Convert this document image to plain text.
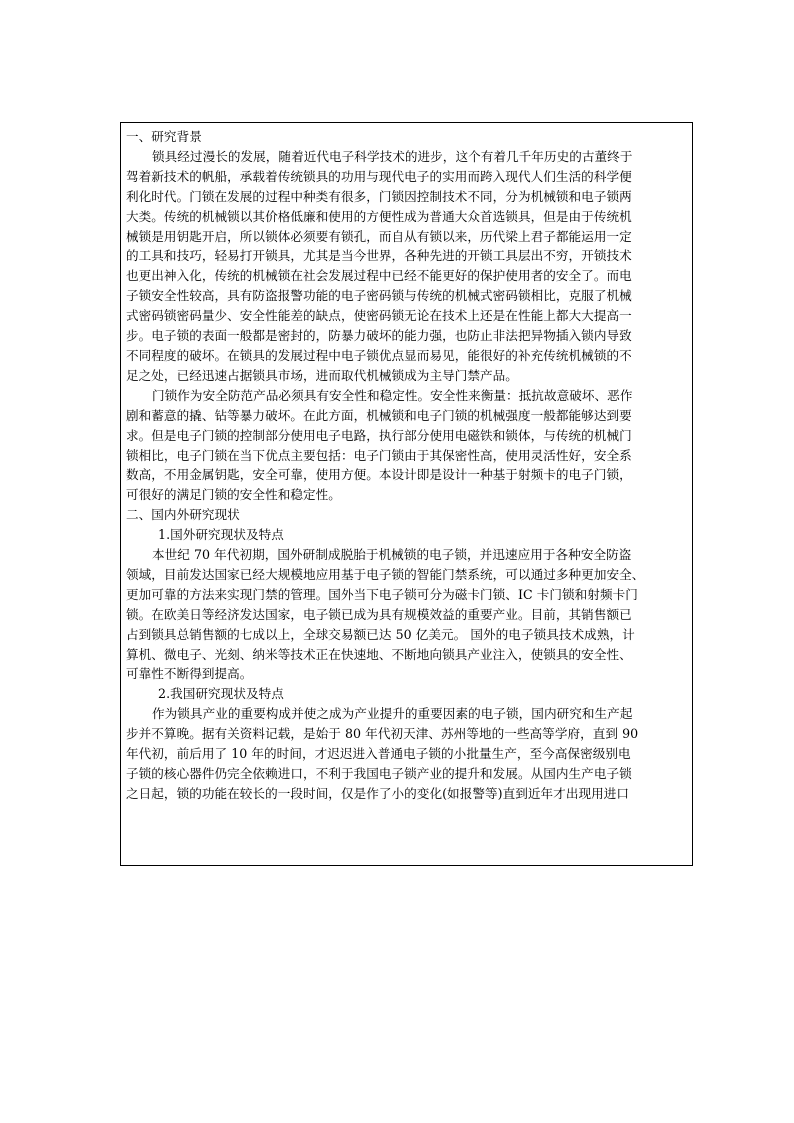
一、研究背景
锁具经过漫长的发展，随着近代电子科学技术的进步，这个有着几千年历史的古董终于
驾着新技术的帆船，承载着传统锁具的功用与现代电子的实用而跨入现代人们生活的科学便
利化时代。门锁在发展的过程中种类有很多，门锁因控制技术不同，分为机械锁和电子锁两
大类。传统的机械锁以其价格低廉和使用的方便性成为普通大众首选锁具，但是由于传统机
械锁是用钥匙开启，所以锁体必须要有锁孔，而自从有锁以来，历代梁上君子都能运用一定
的工具和技巧，轻易打开锁具，尤其是当今世界，各种先进的开锁工具层出不穷，开锁技术
也更出神入化，传统的机械锁在社会发展过程中已经不能更好的保护使用者的安全了。而电
子锁安全性较高，具有防盗报警功能的电子密码锁与传统的机械式密码锁相比，克服了机械
式密码锁密码量少、安全性能差的缺点，使密码锁无论在技术上还是在性能上都大大提高一
步。电子锁的表面一般都是密封的，防暴力破坏的能力强，也防止非法把异物插入锁内导致
不同程度的破坏。在锁具的发展过程中电子锁优点显而易见，能很好的补充传统机械锁的不
足之处，已经迅速占据锁具市场，进而取代机械锁成为主导门禁产品。
门锁作为安全防范产品必须具有安全性和稳定性。安全性来衡量：抵抗故意破坏、恶作
剧和蓄意的撬、钻等暴力破坏。在此方面，机械锁和电子门锁的机械强度一般都能够达到要
求。但是电子门锁的控制部分使用电子电路，执行部分使用电磁铁和锁体，与传统的机械门
锁相比，电子门锁在当下优点主要包括：电子门锁由于其保密性高，使用灵活性好，安全系
数高，不用金属钥匙，安全可靠，使用方便。本设计即是设计一种基于射频卡的电子门锁，
可很好的满足门锁的安全性和稳定性。
二、国内外研究现状
1.国外研究现状及特点
本世纪 70 年代初期，国外研制成脱胎于机械锁的电子锁，并迅速应用于各种安全防盗
领域，目前发达国家已经大规模地应用基于电子锁的智能门禁系统，可以通过多种更加安全、
更加可靠的方法来实现门禁的管理。国外当下电子锁可分为磁卡门锁、IC 卡门锁和射频卡门
锁。在欧美日等经济发达国家，电子锁已成为具有规模效益的重要产业。目前，其销售额已
占到锁具总销售额的七成以上，全球交易额已达 50 亿美元。 国外的电子锁具技术成熟，计
算机、微电子、光刻、纳米等技术正在快速地、不断地向锁具产业注入，使锁具的安全性、
可靠性不断得到提高。
2.我国研究现状及特点
作为锁具产业的重要构成并使之成为产业提升的重要因素的电子锁，国内研究和生产起
步并不算晚。据有关资料记载，是始于 80 年代初天津、苏州等地的一些高等学府，直到 90
年代初，前后用了 10 年的时间，才迟迟进入普通电子锁的小批量生产，至今高保密级别电
子锁的核心器件仍完全依赖进口，不利于我国电子锁产业的提升和发展。从国内生产电子锁
之日起，锁的功能在较长的一段时间，仅是作了小的变化(如报警等)直到近年才出现用进口
